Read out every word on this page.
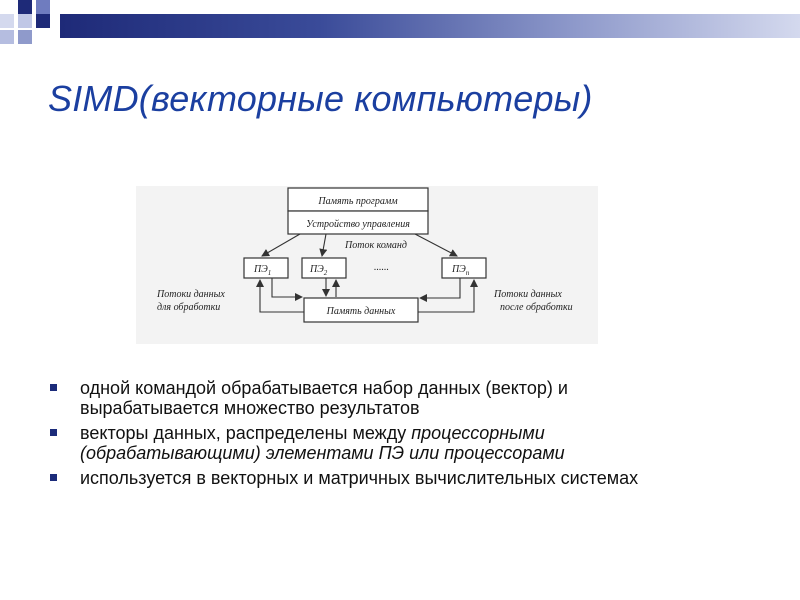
SIMD(векторные компьютеры)
Память программ
Устройство управления
Поток команд
$ПЭ_1$	$ПЭ_2$	......	$ПЭ_n$
Память данных
Потоки данных
для обработки
Потоки данных
после обработки
одной командой обрабатывается набор данных (вектор) и вырабатывается множество результатов
векторы данных, распределены между процессорными (обрабатывающими) элементами ПЭ или процессорами
используется в векторных и матричных вычислительных системах
